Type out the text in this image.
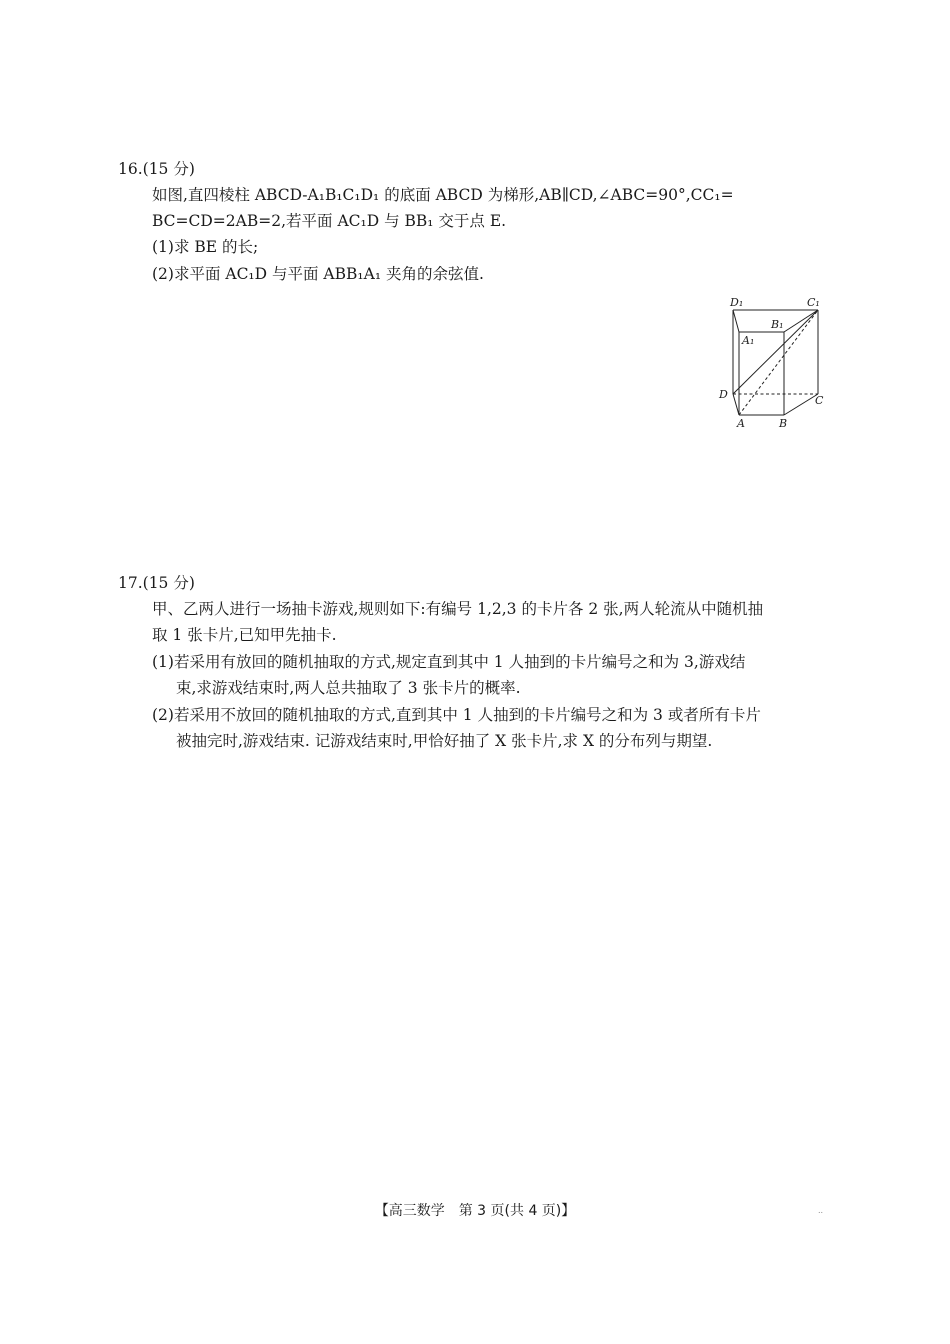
16.(15 分)
如图,直四棱柱 ABCD-A₁B₁C₁D₁ 的底面 ABCD 为梯形,AB∥CD,∠ABC=90°,CC₁=
BC=CD=2AB=2,若平面 AC₁D 与 BB₁ 交于点 E.
(1)求 BE 的长;
(2)求平面 AC₁D 与平面 ABB₁A₁ 夹角的余弦值.
D₁	C₁
B₁
A₁
D	C
A	B
17.(15 分)
甲、乙两人进行一场抽卡游戏,规则如下:有编号 1,2,3 的卡片各 2 张,两人轮流从中随机抽
取 1 张卡片,已知甲先抽卡.
(1)若采用有放回的随机抽取的方式,规定直到其中 1 人抽到的卡片编号之和为 3,游戏结
束,求游戏结束时,两人总共抽取了 3 张卡片的概率.
(2)若采用不放回的随机抽取的方式,直到其中 1 人抽到的卡片编号之和为 3 或者所有卡片
被抽完时,游戏结束. 记游戏结束时,甲恰好抽了 X 张卡片,求 X 的分布列与期望.
【高三数学　第 3 页(共 4 页)】	..
